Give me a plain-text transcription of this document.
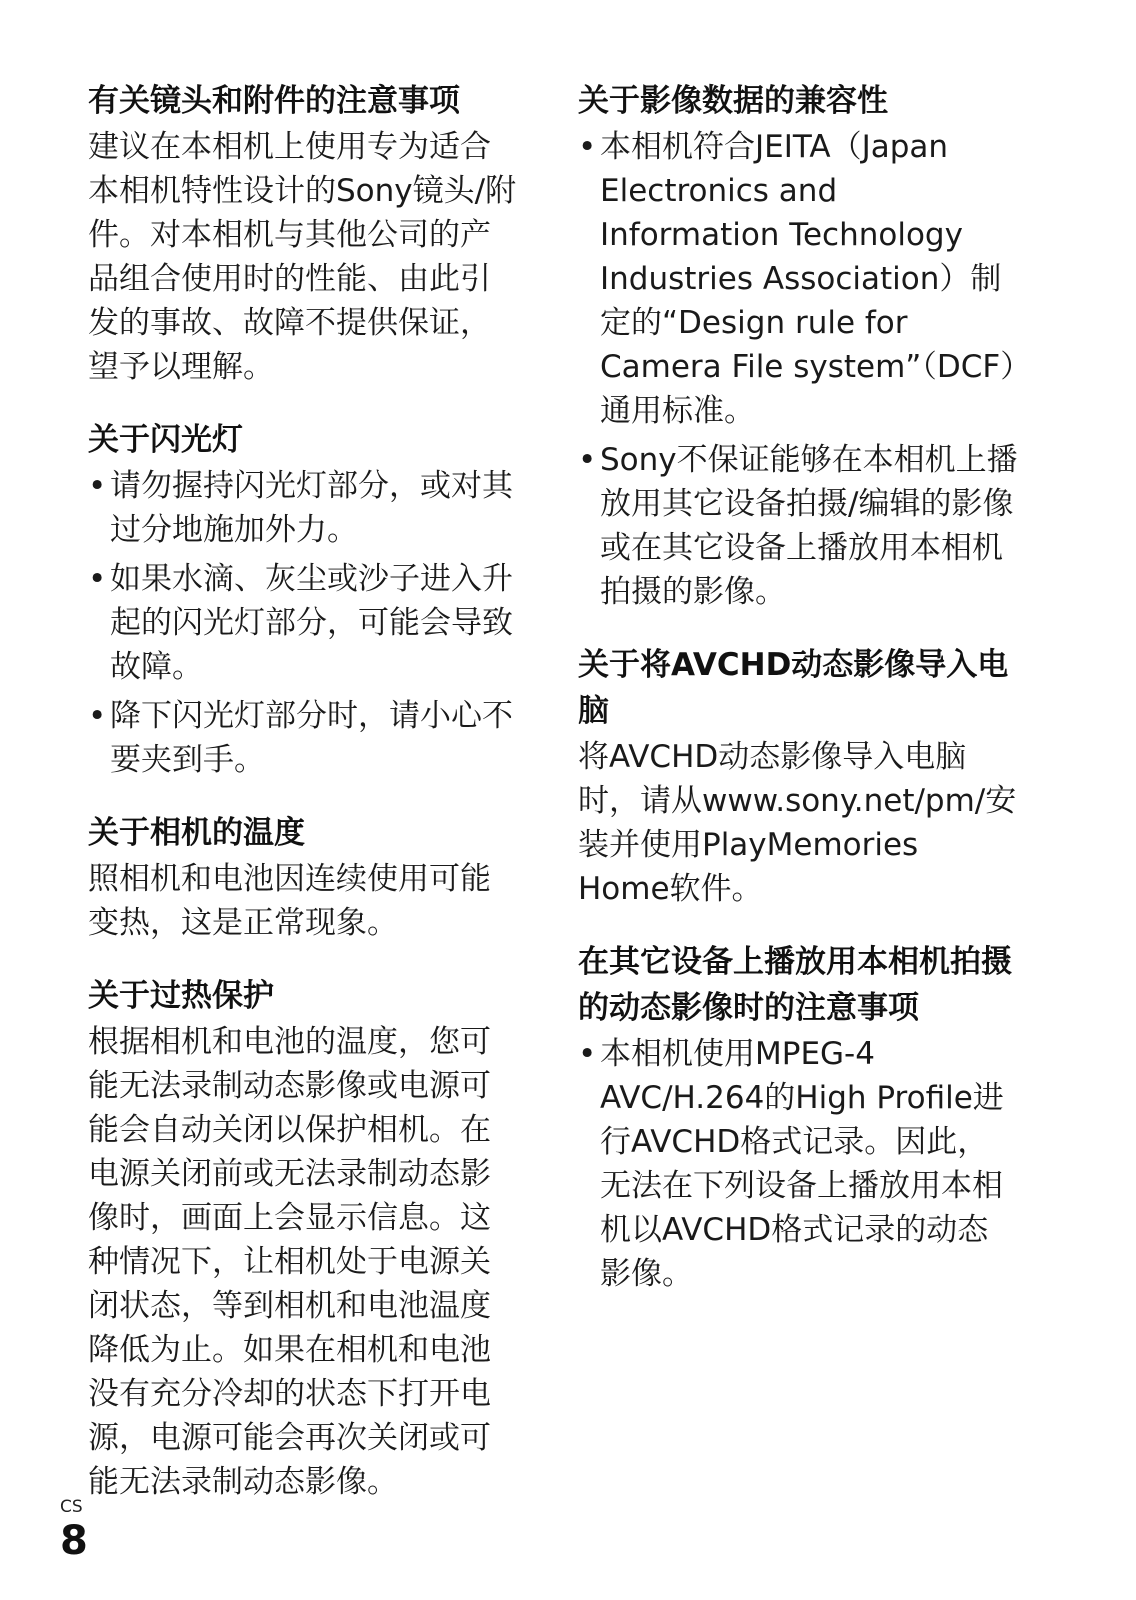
有关镜头和附件的注意事项

建议在本相机上使用专为适合本相机特性设计的Sony镜头/附件。对本相机与其他公司的产品组合使用时的性能、由此引发的事故、故障不提供保证，望予以理解。

关于闪光灯
• 请勿握持闪光灯部分，或对其过分地施加外力。
• 如果水滴、灰尘或沙子进入升起的闪光灯部分，可能会导致故障。
• 降下闪光灯部分时，请小心不要夹到手。
关于相机的温度

照相机和电池因连续使用可能变热，这是正常现象。

关于过热保护

根据相机和电池的温度，您可能无法录制动态影像或电源可能会自动关闭以保护相机。在电源关闭前或无法录制动态影像时，画面上会显示信息。这种情况下，让相机处于电源关闭状态，等到相机和电池温度降低为止。如果在相机和电池没有充分冷却的状态下打开电源，电源可能会再次关闭或可能无法录制动态影像。

关于影像数据的兼容性
• 本相机符合JEITA（Japan Electronics and Information Technology Industries Association）制定的“Design rule for Camera File system”（DCF）通用标准。
• Sony不保证能够在本相机上播放用其它设备拍摄/编辑的影像或在其它设备上播放用本相机拍摄的影像。
关于将AVCHD动态影像导入电脑

将AVCHD动态影像导入电脑时，请从www.sony.net/pm/安装并使用PlayMemories Home软件。

在其它设备上播放用本相机拍摄的动态影像时的注意事项
• 本相机使用MPEG-4 AVC/H.264的High Profile进行AVCHD格式记录。因此，无法在下列设备上播放用本相机以AVCHD格式记录的动态影像。
CS
8
